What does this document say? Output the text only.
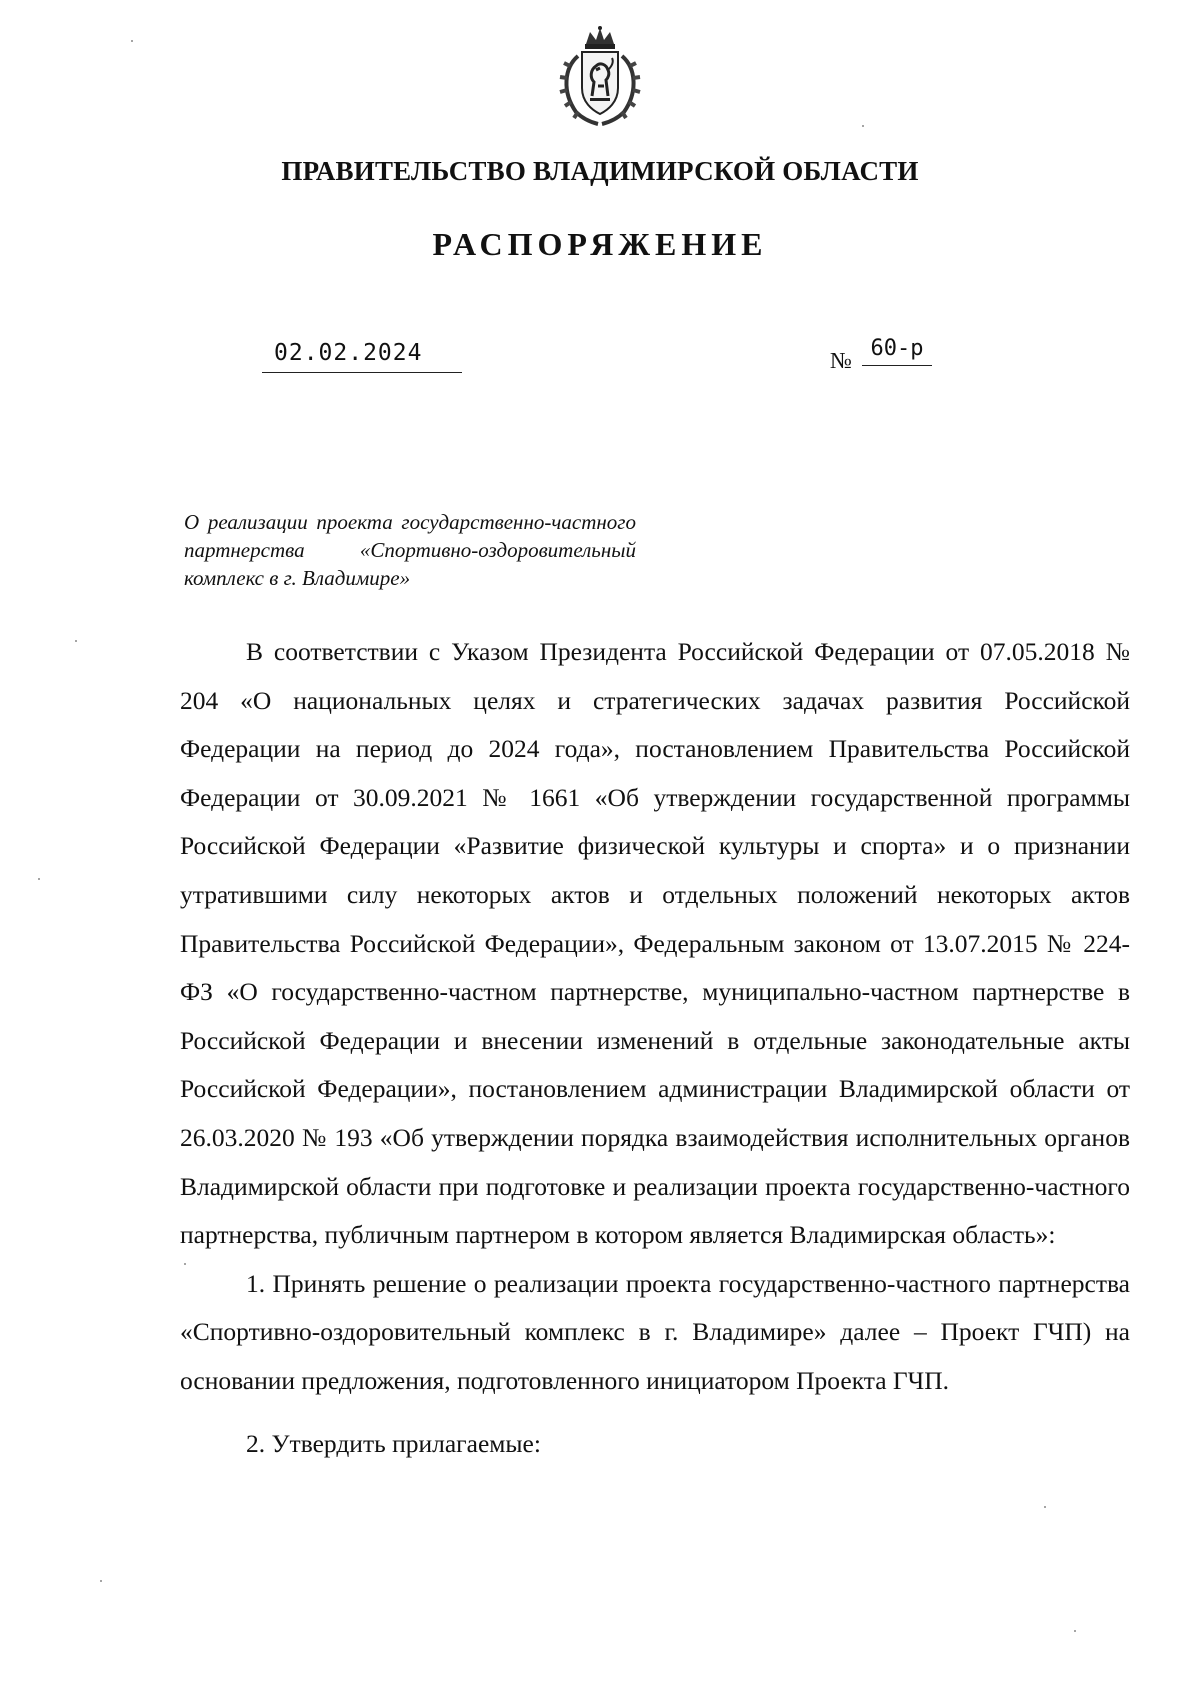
ПРАВИТЕЛЬСТВО ВЛАДИМИРСКОЙ ОБЛАСТИ
РАСПОРЯЖЕНИЕ
02.02.2024	№ 60-р
О реализации проекта государственно-частного партнерства «Спортивно-оздоровительный комплекс в г. Владимире»

В соответствии с Указом Президента Российской Федерации от 07.05.2018 № 204 «О национальных целях и стратегических задачах развития Российской Федерации на период до 2024 года», постановлением Правительства Российской Федерации от 30.09.2021 № 1661 «Об утверждении государственной программы Российской Федерации «Развитие физической культуры и спорта» и о признании утратившими силу некоторых актов и отдельных положений некоторых актов Правительства Российской Федерации», Федеральным законом от 13.07.2015 № 224-ФЗ «О государственно-частном партнерстве, муниципально-частном партнерстве в Российской Федерации и внесении изменений в отдельные законодательные акты Российской Федерации», постановлением администрации Владимирской области от 26.03.2020 № 193 «Об утверждении порядка взаимодействия исполнительных органов Владимирской области при подготовке и реализации проекта государственно-частного партнерства, публичным партнером в котором является Владимирская область»:

1. Принять решение о реализации проекта государственно-частного партнерства «Спортивно-оздоровительный комплекс в г. Владимире» далее – Проект ГЧП) на основании предложения, подготовленного инициатором Проекта ГЧП.

2. Утвердить прилагаемые:
